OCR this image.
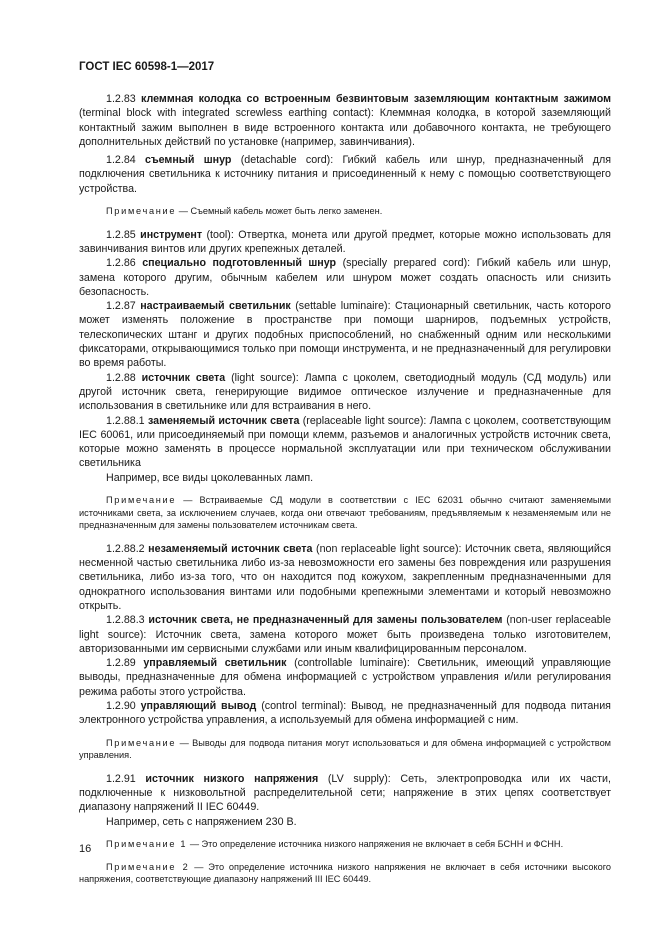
ГОСТ IEC 60598-1—2017

1.2.83 клеммная колодка со встроенным безвинтовым заземляющим контактным зажимом (terminal block with integrated screwless earthing contact): Клеммная колодка, в которой заземляющий контактный зажим выполнен в виде встроенного контакта или добавочного контакта, не требующего дополнительных действий по установке (например, завинчивания).

1.2.84 съемный шнур (detachable cord): Гибкий кабель или шнур, предназначенный для подключения светильника к источнику питания и присоединенный к нему с помощью соответствующего устройства.

Примечание — Съемный кабель может быть легко заменен.

1.2.85 инструмент (tool): Отвертка, монета или другой предмет, которые можно использовать для завинчивания винтов или других крепежных деталей.

1.2.86 специально подготовленный шнур (specially prepared cord): Гибкий кабель или шнур, замена которого другим, обычным кабелем или шнуром может создать опасность или снизить безопасность.

1.2.87 настраиваемый светильник (settable luminaire): Стационарный светильник, часть которого может изменять положение в пространстве при помощи шарниров, подъемных устройств, телескопических штанг и других подобных приспособлений, но снабженный одним или несколькими фиксаторами, открывающимися только при помощи инструмента, и не предназначенный для регулировки во время работы.

1.2.88 источник света (light source): Лампа с цоколем, светодиодный модуль (СД модуль) или другой источник света, генерирующие видимое оптическое излучение и предназначенные для использования в светильнике или для встраивания в него.

1.2.88.1 заменяемый источник света (replaceable light source): Лампа с цоколем, соответствующим IEC 60061, или присоединяемый при помощи клемм, разъемов и аналогичных устройств источник света, которые можно заменять в процессе нормальной эксплуатации или при техническом обслуживании светильника

Например, все виды цоколеванных ламп.

Примечание — Встраиваемые СД модули в соответствии с IEC 62031 обычно считают заменяемыми источниками света, за исключением случаев, когда они отвечают требованиям, предъявляемым к незаменяемым или не предназначенным для замены пользователем источникам света.

1.2.88.2 незаменяемый источник света (non replaceable light source): Источник света, являющийся несменной частью светильника либо из-за невозможности его замены без повреждения или разрушения светильника, либо из-за того, что он находится под кожухом, закрепленным предназначенными для однократного использования винтами или подобными крепежными элементами и который невозможно открыть.

1.2.88.3 источник света, не предназначенный для замены пользователем (non-user replaceable light source): Источник света, замена которого может быть произведена только изготовителем, авторизованными им сервисными службами или иным квалифицированным персоналом.

1.2.89 управляемый светильник (controllable luminaire): Светильник, имеющий управляющие выводы, предназначенные для обмена информацией с устройством управления и/или регулирования режима работы этого устройства.

1.2.90 управляющий вывод (control terminal): Вывод, не предназначенный для подвода питания электронного устройства управления, а используемый для обмена информацией с ним.

Примечание — Выводы для подвода питания могут использоваться и для обмена информацией с устройством управления.

1.2.91 источник низкого напряжения (LV supply): Сеть, электропроводка или их части, подключенные к низковольтной распределительной сети; напряжение в этих цепях соответствует диапазону напряжений II IEC 60449.

Например, сеть с напряжением 230 В.

Примечание 1 — Это определение источника низкого напряжения не включает в себя БСНН и ФСНН.

Примечание 2 — Это определение источника низкого напряжения не включает в себя источники высокого напряжения, соответствующие диапазону напряжений III IEC 60449.

16
